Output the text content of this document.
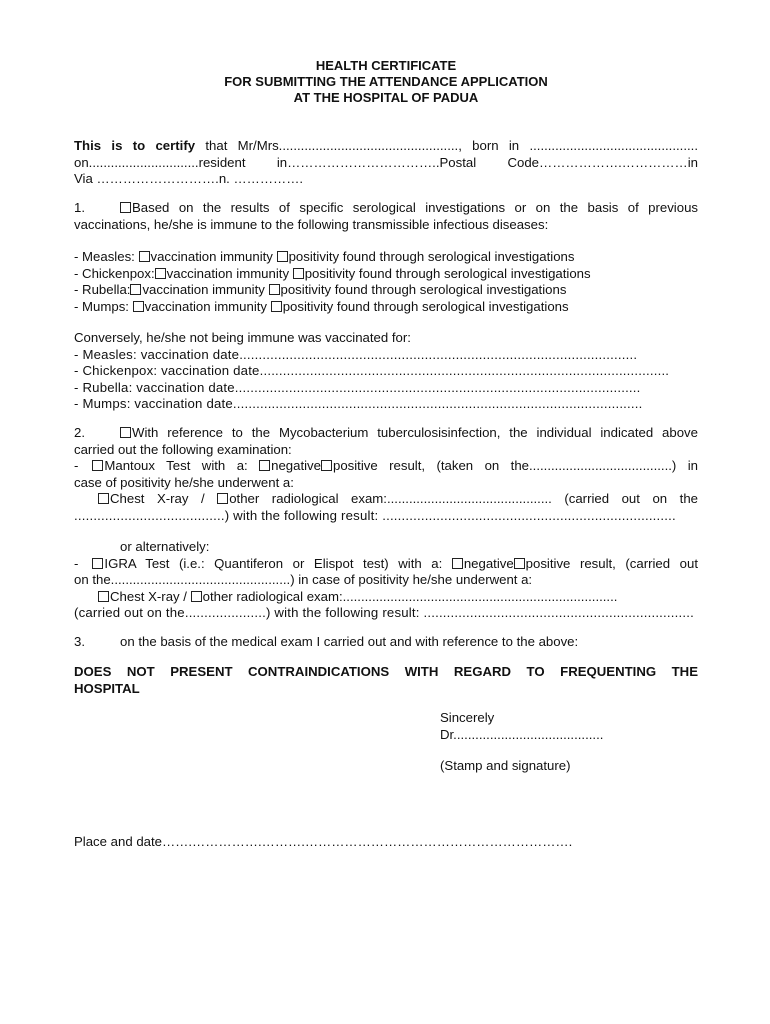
HEALTH CERTIFICATE
FOR SUBMITTING THE ATTENDANCE APPLICATION
AT THE HOSPITAL OF PADUA

This is to certify that Mr/Mrs................................................., born in ..............................................

on..............................resident in……………………………..Postal Code……………….……………in

Via ……………………….n. …………….

1.	Based on the results of specific serological investigations or on the basis of previous

vaccinations, he/she is immune to the following transmissible infectious diseases:

- Measles: vaccination immunity positivity found through serological investigations

- Chickenpox: vaccination immunity positivity found through serological investigations

- Rubella: vaccination immunity positivity found through serological investigations

- Mumps: vaccination immunity positivity found through serological investigations

Conversely, he/she not being immune was vaccinated for:

- Measles: vaccination date.......................................................................................................

- Chickenpox: vaccination date..........................................................................................................

- Rubella: vaccination date.........................................................................................................

- Mumps: vaccination date..........................................................................................................

2.	With reference to the Mycobacterium tuberculosisinfection, the individual indicated above

carried out the following examination:

- Mantoux Test with a: negative positive result, (taken on the.......................................) in

case of positivity he/she underwent a:

Chest X-ray / other radiological exam:............................................. (carried out on the

.......................................) with the following result: ............................................................................

or alternatively:

- IGRA Test (i.e.: Quantiferon or Elispot test) with a: negative positive result, (carried out

on the.................................................) in case of positivity he/she underwent a:

Chest X-ray / other radiological exam:...........................................................................

(carried out on the.....................) with the following result: ......................................................................

3.	on the basis of the medical exam I carried out and with reference to the above:

DOES NOT PRESENT CONTRAINDICATIONS WITH REGARD TO FREQUENTING THE

HOSPITAL

Sincerely

Dr.........................................

(Stamp and signature)

Place and date…….…………….……….…………………………………………………….
